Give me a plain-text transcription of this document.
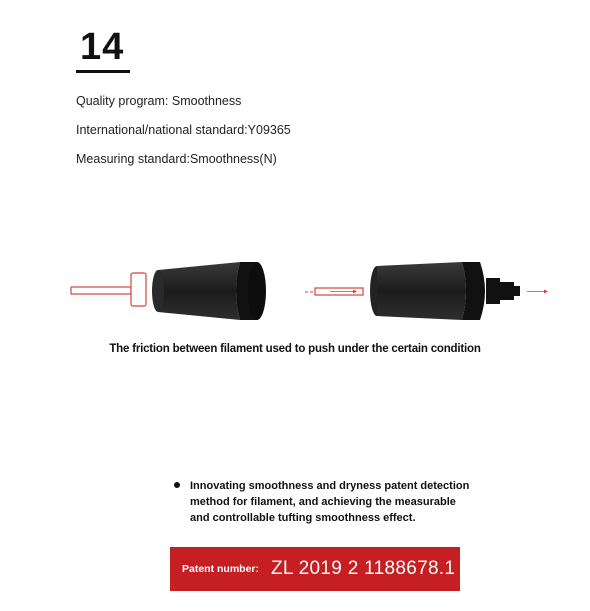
14
Quality program: Smoothness
International/national standard:Y09365
Measuring standard:Smoothness(N)
The friction between filament used to push under the certain condition
Innovating smoothness and dryness patent detection method for filament, and achieving the measurable and controllable tufting smoothness effect.
Patent number: ZL 2019 2 1188678.1
